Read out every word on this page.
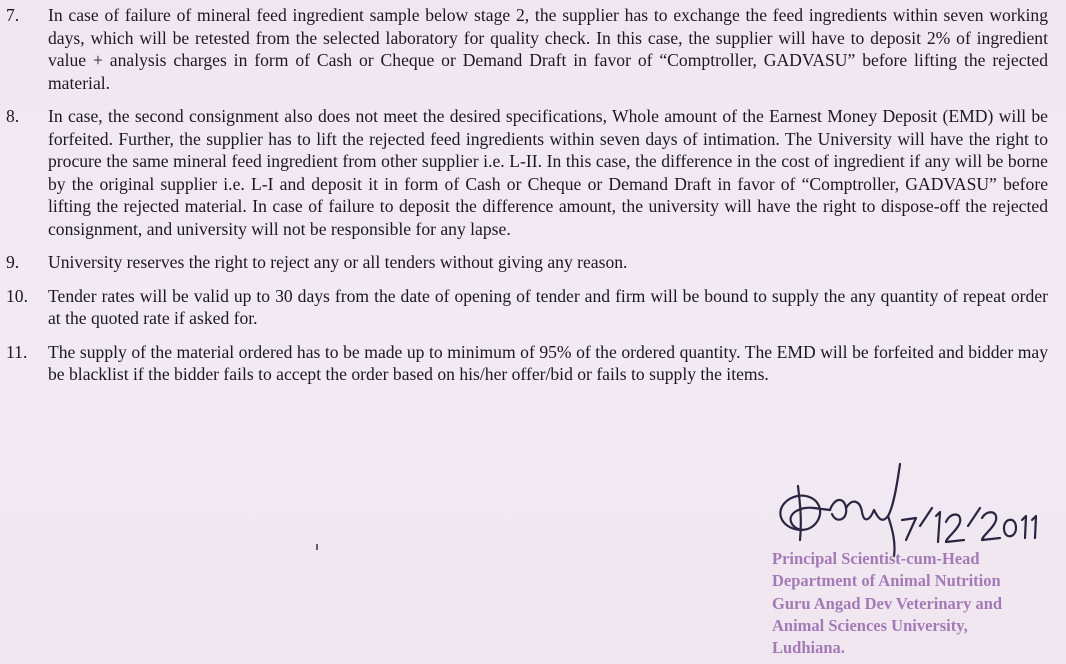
7.	In case of failure of mineral feed ingredient sample below stage 2, the supplier has to exchange the feed ingredients within seven working days, which will be retested from the selected laboratory for quality check. In this case, the supplier will have to deposit 2% of ingredient value + analysis charges in form of Cash or Cheque or Demand Draft in favor of “Comptroller, GADVASU” before lifting the rejected material.
8.	In case, the second consignment also does not meet the desired specifications, Whole amount of the Earnest Money Deposit (EMD) will be forfeited. Further, the supplier has to lift the rejected feed ingredients within seven days of intimation. The University will have the right to procure the same mineral feed ingredient from other supplier i.e. L-II. In this case, the difference in the cost of ingredient if any will be borne by the original supplier i.e. L-I and deposit it in form of Cash or Cheque or Demand Draft in favor of “Comptroller, GADVASU” before lifting the rejected material. In case of failure to deposit the difference amount, the university will have the right to dispose-off the rejected consignment, and university will not be responsible for any lapse.
9.	University reserves the right to reject any or all tenders without giving any reason.
10.	Tender rates will be valid up to 30 days from the date of opening of tender and firm will be bound to supply the any quantity of repeat order at the quoted rate if asked for.
11.	The supply of the material ordered has to be made up to minimum of 95% of the ordered quantity. The EMD will be forfeited and bidder may be blacklist if the bidder fails to accept the order based on his/her offer/bid or fails to supply the items.
Principal Scientist-cum-Head
Department of Animal Nutrition
Guru Angad Dev Veterinary and
Animal Sciences University,
Ludhiana.
